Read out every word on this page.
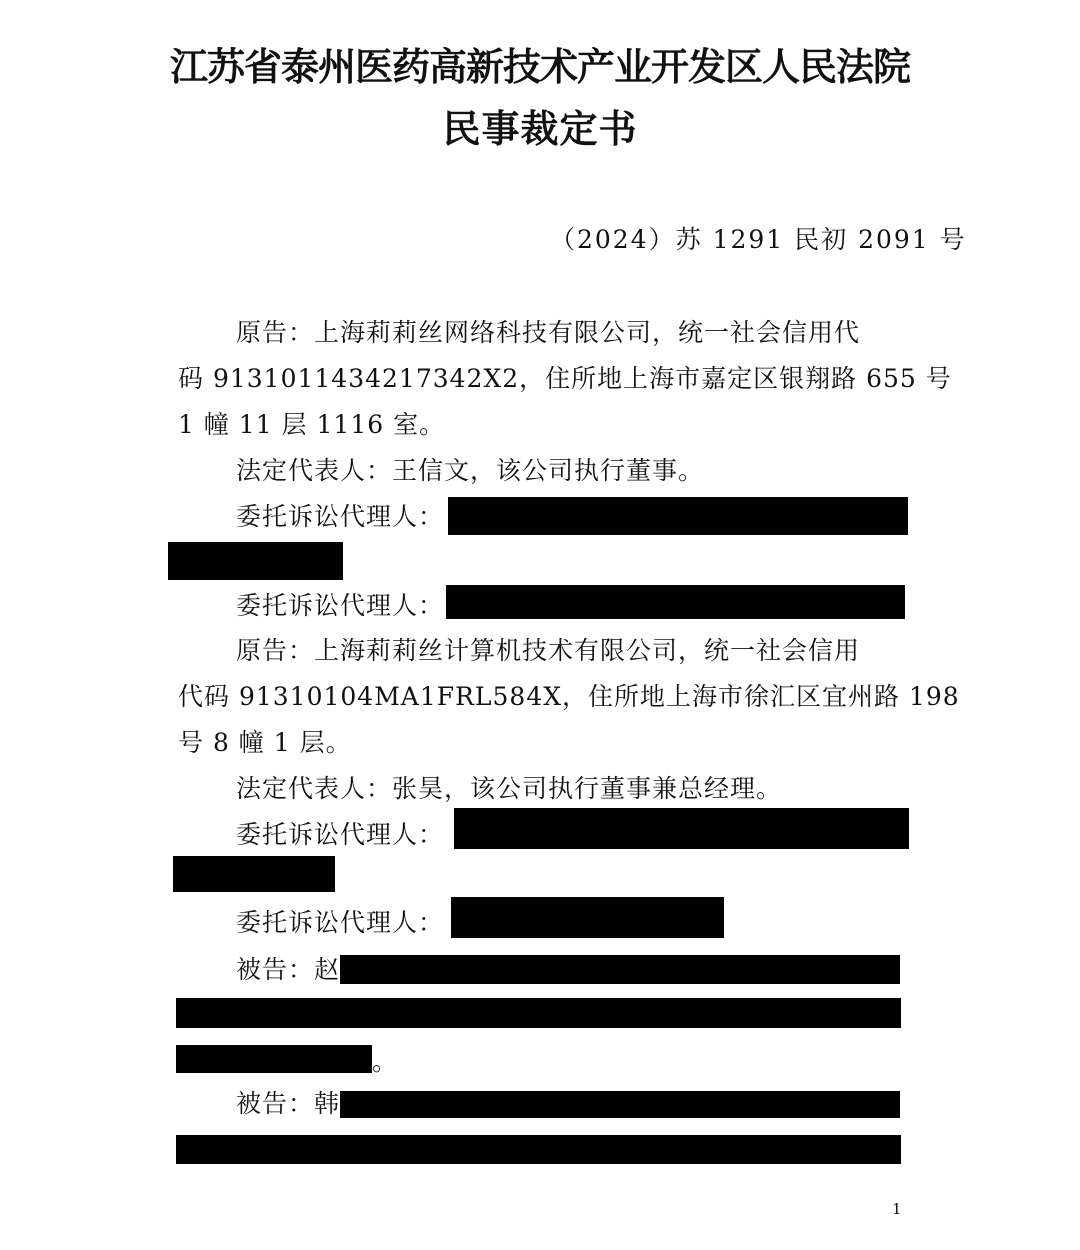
江苏省泰州医药高新技术产业开发区人民法院
民事裁定书
（2024）苏 1291 民初 2091 号
原告：上海莉莉丝网络科技有限公司，统一社会信用代
码 9131011434217342X2，住所地上海市嘉定区银翔路 655 号
1 幢 11 层 1116 室。
法定代表人：王信文，该公司执行董事。
委托诉讼代理人：
委托诉讼代理人：
原告：上海莉莉丝计算机技术有限公司，统一社会信用
代码 91310104MA1FRL584X，住所地上海市徐汇区宜州路 198
号 8 幢 1 层。
法定代表人：张昊，该公司执行董事兼总经理。
委托诉讼代理人：
委托诉讼代理人：
被告：赵
。
被告：韩
1
